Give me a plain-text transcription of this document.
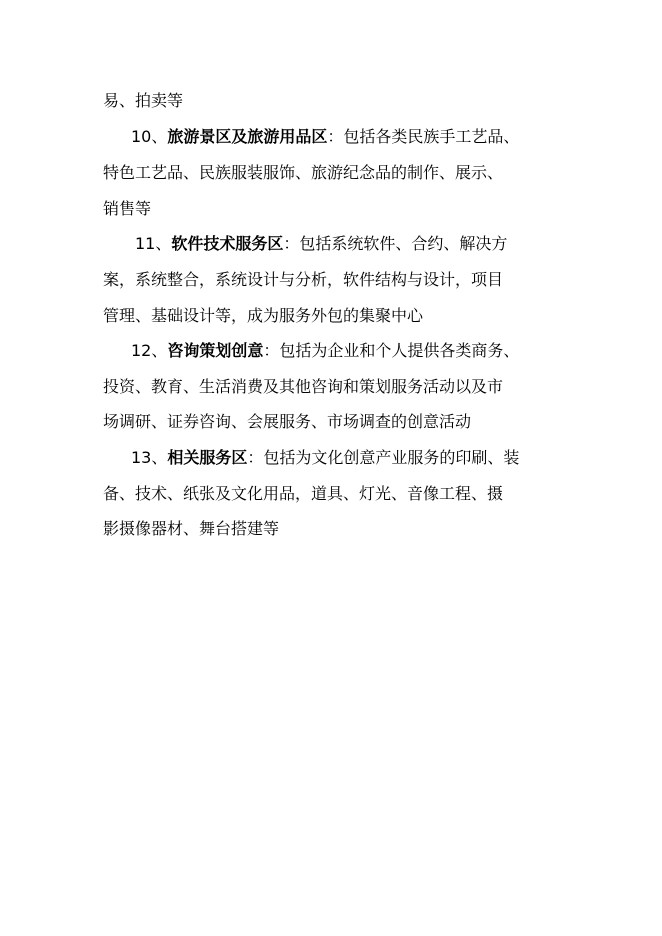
易、拍卖等
10、旅游景区及旅游用品区：包括各类民族手工艺品、
特色工艺品、民族服装服饰、旅游纪念品的制作、展示、
销售等
11、软件技术服务区：包括系统软件、合约、解决方
案，系统整合，系统设计与分析，软件结构与设计，项目
管理、基础设计等，成为服务外包的集聚中心
12、咨询策划创意：包括为企业和个人提供各类商务、
投资、教育、生活消费及其他咨询和策划服务活动以及市
场调研、证券咨询、会展服务、市场调查的创意活动
13、相关服务区：包括为文化创意产业服务的印刷、装
备、技术、纸张及文化用品，道具、灯光、音像工程、摄
影摄像器材、舞台搭建等
